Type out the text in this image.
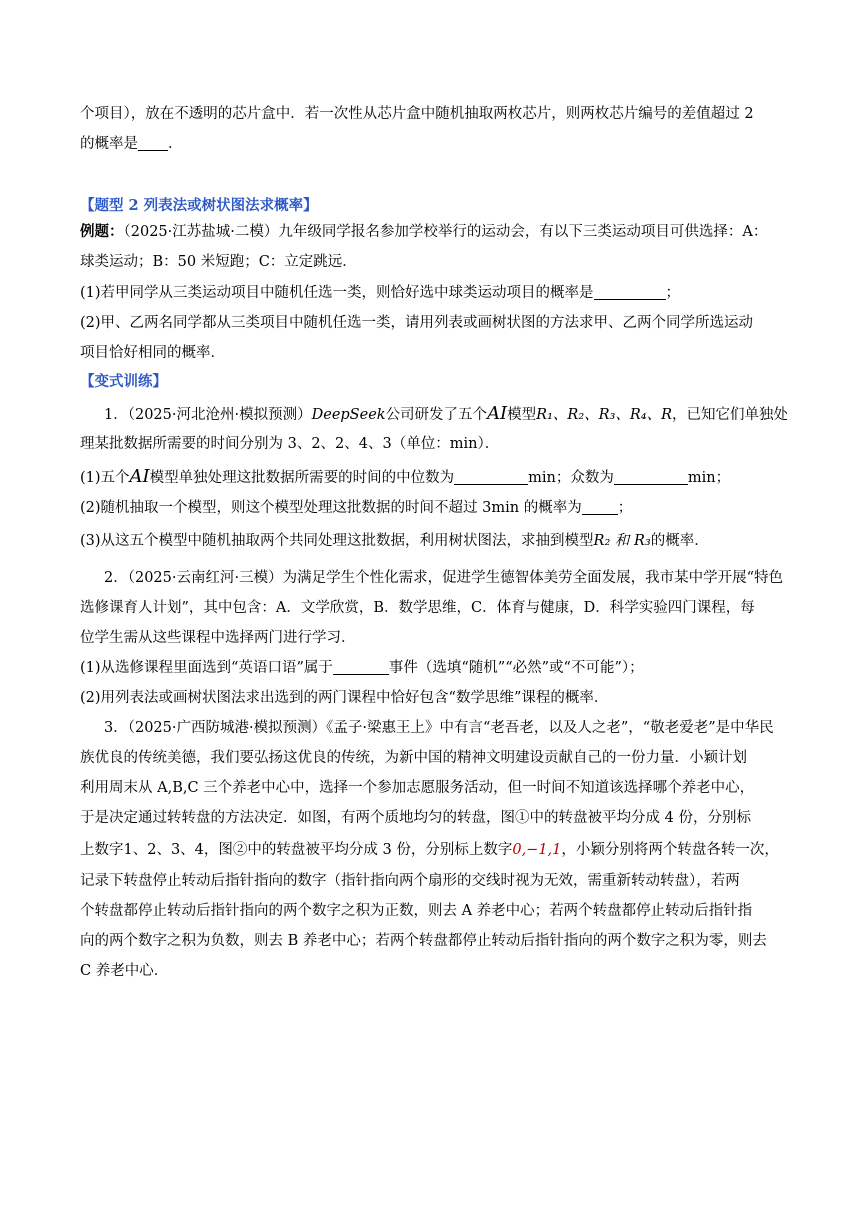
个项目），放在不透明的芯片盒中．若一次性从芯片盒中随机抽取两枚芯片，则两枚芯片编号的差值超过 2
的概率是 ．
【题型 2 列表法或树状图法求概率】
例题：（2025·江苏盐城·二模）九年级同学报名参加学校举行的运动会，有以下三类运动项目可供选择：A：
球类运动；B：50 米短跑；C：立定跳远．
(1)若甲同学从三类运动项目中随机任选一类，则恰好选中球类运动项目的概率是	；
(2)甲、乙两名同学都从三类项目中随机任选一类，请用列表或画树状图的方法求甲、乙两个同学所选运动
项目恰好相同的概率．
【变式训练】
1．（2025·河北沧州·模拟预测）DeepSeek公司研发了五个AI模型R₁、R₂、R₃、R₄、R，已知它们单独处
理某批数据所需要的时间分别为 3、2、2、4、3（单位：min）．
(1)五个AI模型单独处理这批数据所需要的时间的中位数为	min；众数为	min；
(2)随机抽取一个模型，则这个模型处理这批数据的时间不超过 3min 的概率为 ；
(3)从这五个模型中随机抽取两个共同处理这批数据，利用树状图法，求抽到模型R₂ 和 R₃的概率．
2．（2025·云南红河·三模）为满足学生个性化需求，促进学生德智体美劳全面发展，我市某中学开展“特色
选修课育人计划”，其中包含：A．文学欣赏，B．数学思维，C．体育与健康，D．科学实验四门课程，每
位学生需从这些课程中选择两门进行学习．
(1)从选修课程里面选到“英语口语”属于	事件（选填“随机”“必然”或“不可能”）；
(2)用列表法或画树状图法求出选到的两门课程中恰好包含“数学思维”课程的概率．
3．（2025·广西防城港·模拟预测）《孟子·梁惠王上》中有言“老吾老，以及人之老”，“敬老爱老”是中华民
族优良的传统美德，我们要弘扬这优良的传统，为新中国的精神文明建设贡献自己的一份力量．小颖计划
利用周末从 A,B,C 三个养老中心中，选择一个参加志愿服务活动，但一时间不知道该选择哪个养老中心，
于是决定通过转转盘的方法决定．如图，有两个质地均匀的转盘，图①中的转盘被平均分成 4 份，分别标
上数字1、2、3、4，图②中的转盘被平均分成 3 份，分别标上数字0,−1,1，小颖分别将两个转盘各转一次，
记录下转盘停止转动后指针指向的数字（指针指向两个扇形的交线时视为无效，需重新转动转盘），若两
个转盘都停止转动后指针指向的两个数字之积为正数，则去 A 养老中心；若两个转盘都停止转动后指针指
向的两个数字之积为负数，则去 B 养老中心；若两个转盘都停止转动后指针指向的两个数字之积为零，则去
C 养老中心．
